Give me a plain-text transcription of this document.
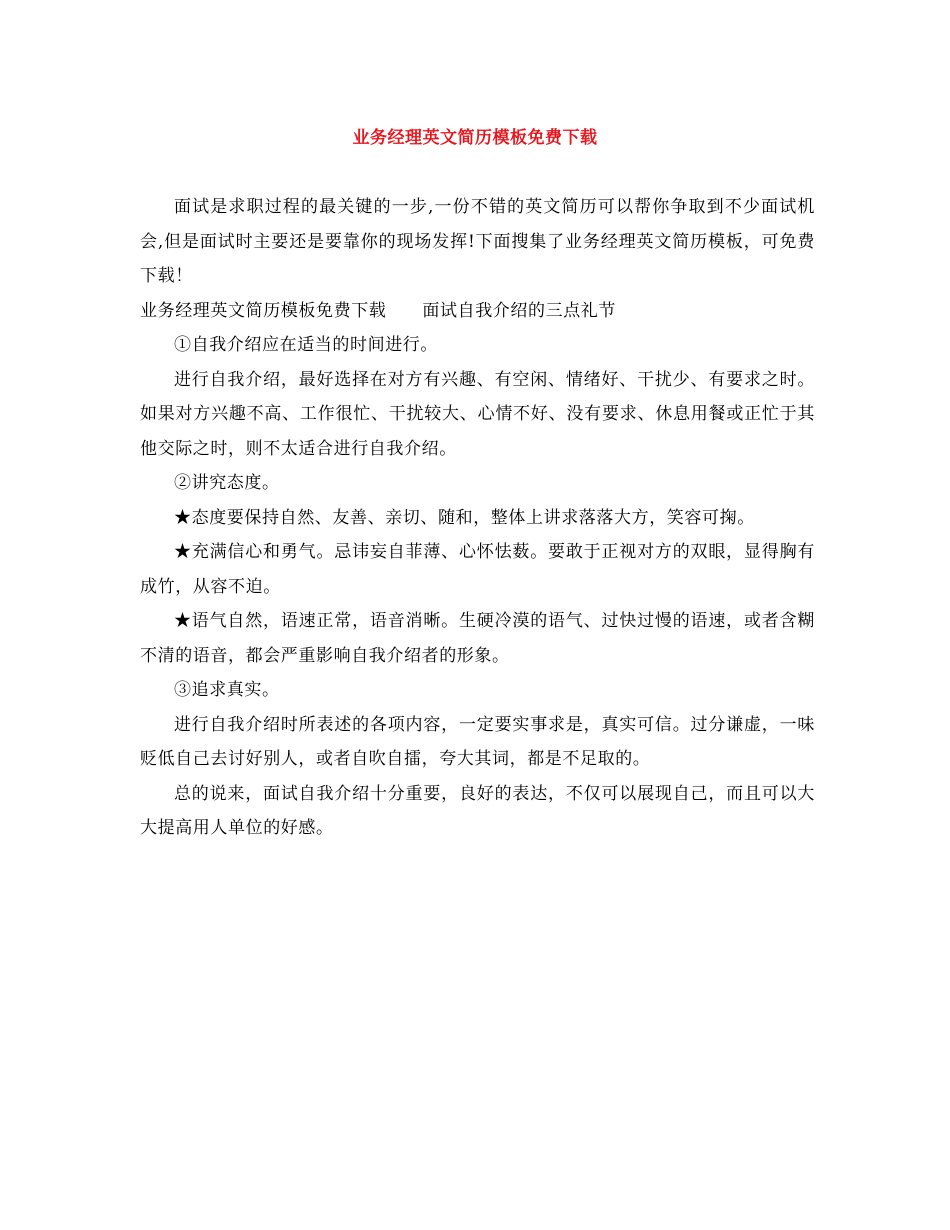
业务经理英文简历模板免费下载

面试是求职过程的最关键的一步,一份不错的英文简历可以帮你争取到不少面试机会,但是面试时主要还是要靠你的现场发挥!下面搜集了业务经理英文简历模板，可免费下载！

业务经理英文简历模板免费下载 面试自我介绍的三点礼节

①自我介绍应在适当的时间进行。

进行自我介绍，最好选择在对方有兴趣、有空闲、情绪好、干扰少、有要求之时。如果对方兴趣不高、工作很忙、干扰较大、心情不好、没有要求、休息用餐或正忙于其他交际之时，则不太适合进行自我介绍。

②讲究态度。

★态度要保持自然、友善、亲切、随和，整体上讲求落落大方，笑容可掬。

★充满信心和勇气。忌讳妄自菲薄、心怀怯薮。要敢于正视对方的双眼，显得胸有成竹，从容不迫。

★语气自然，语速正常，语音消晰。生硬冷漠的语气、过快过慢的语速，或者含糊不清的语音，都会严重影响自我介绍者的形象。

③追求真实。

进行自我介绍时所表述的各项内容，一定要实事求是，真实可信。过分谦虚，一味贬低自己去讨好别人，或者自吹自擂，夸大其词，都是不足取的。

总的说来，面试自我介绍十分重要，良好的表达，不仅可以展现自己，而且可以大大提高用人单位的好感。
